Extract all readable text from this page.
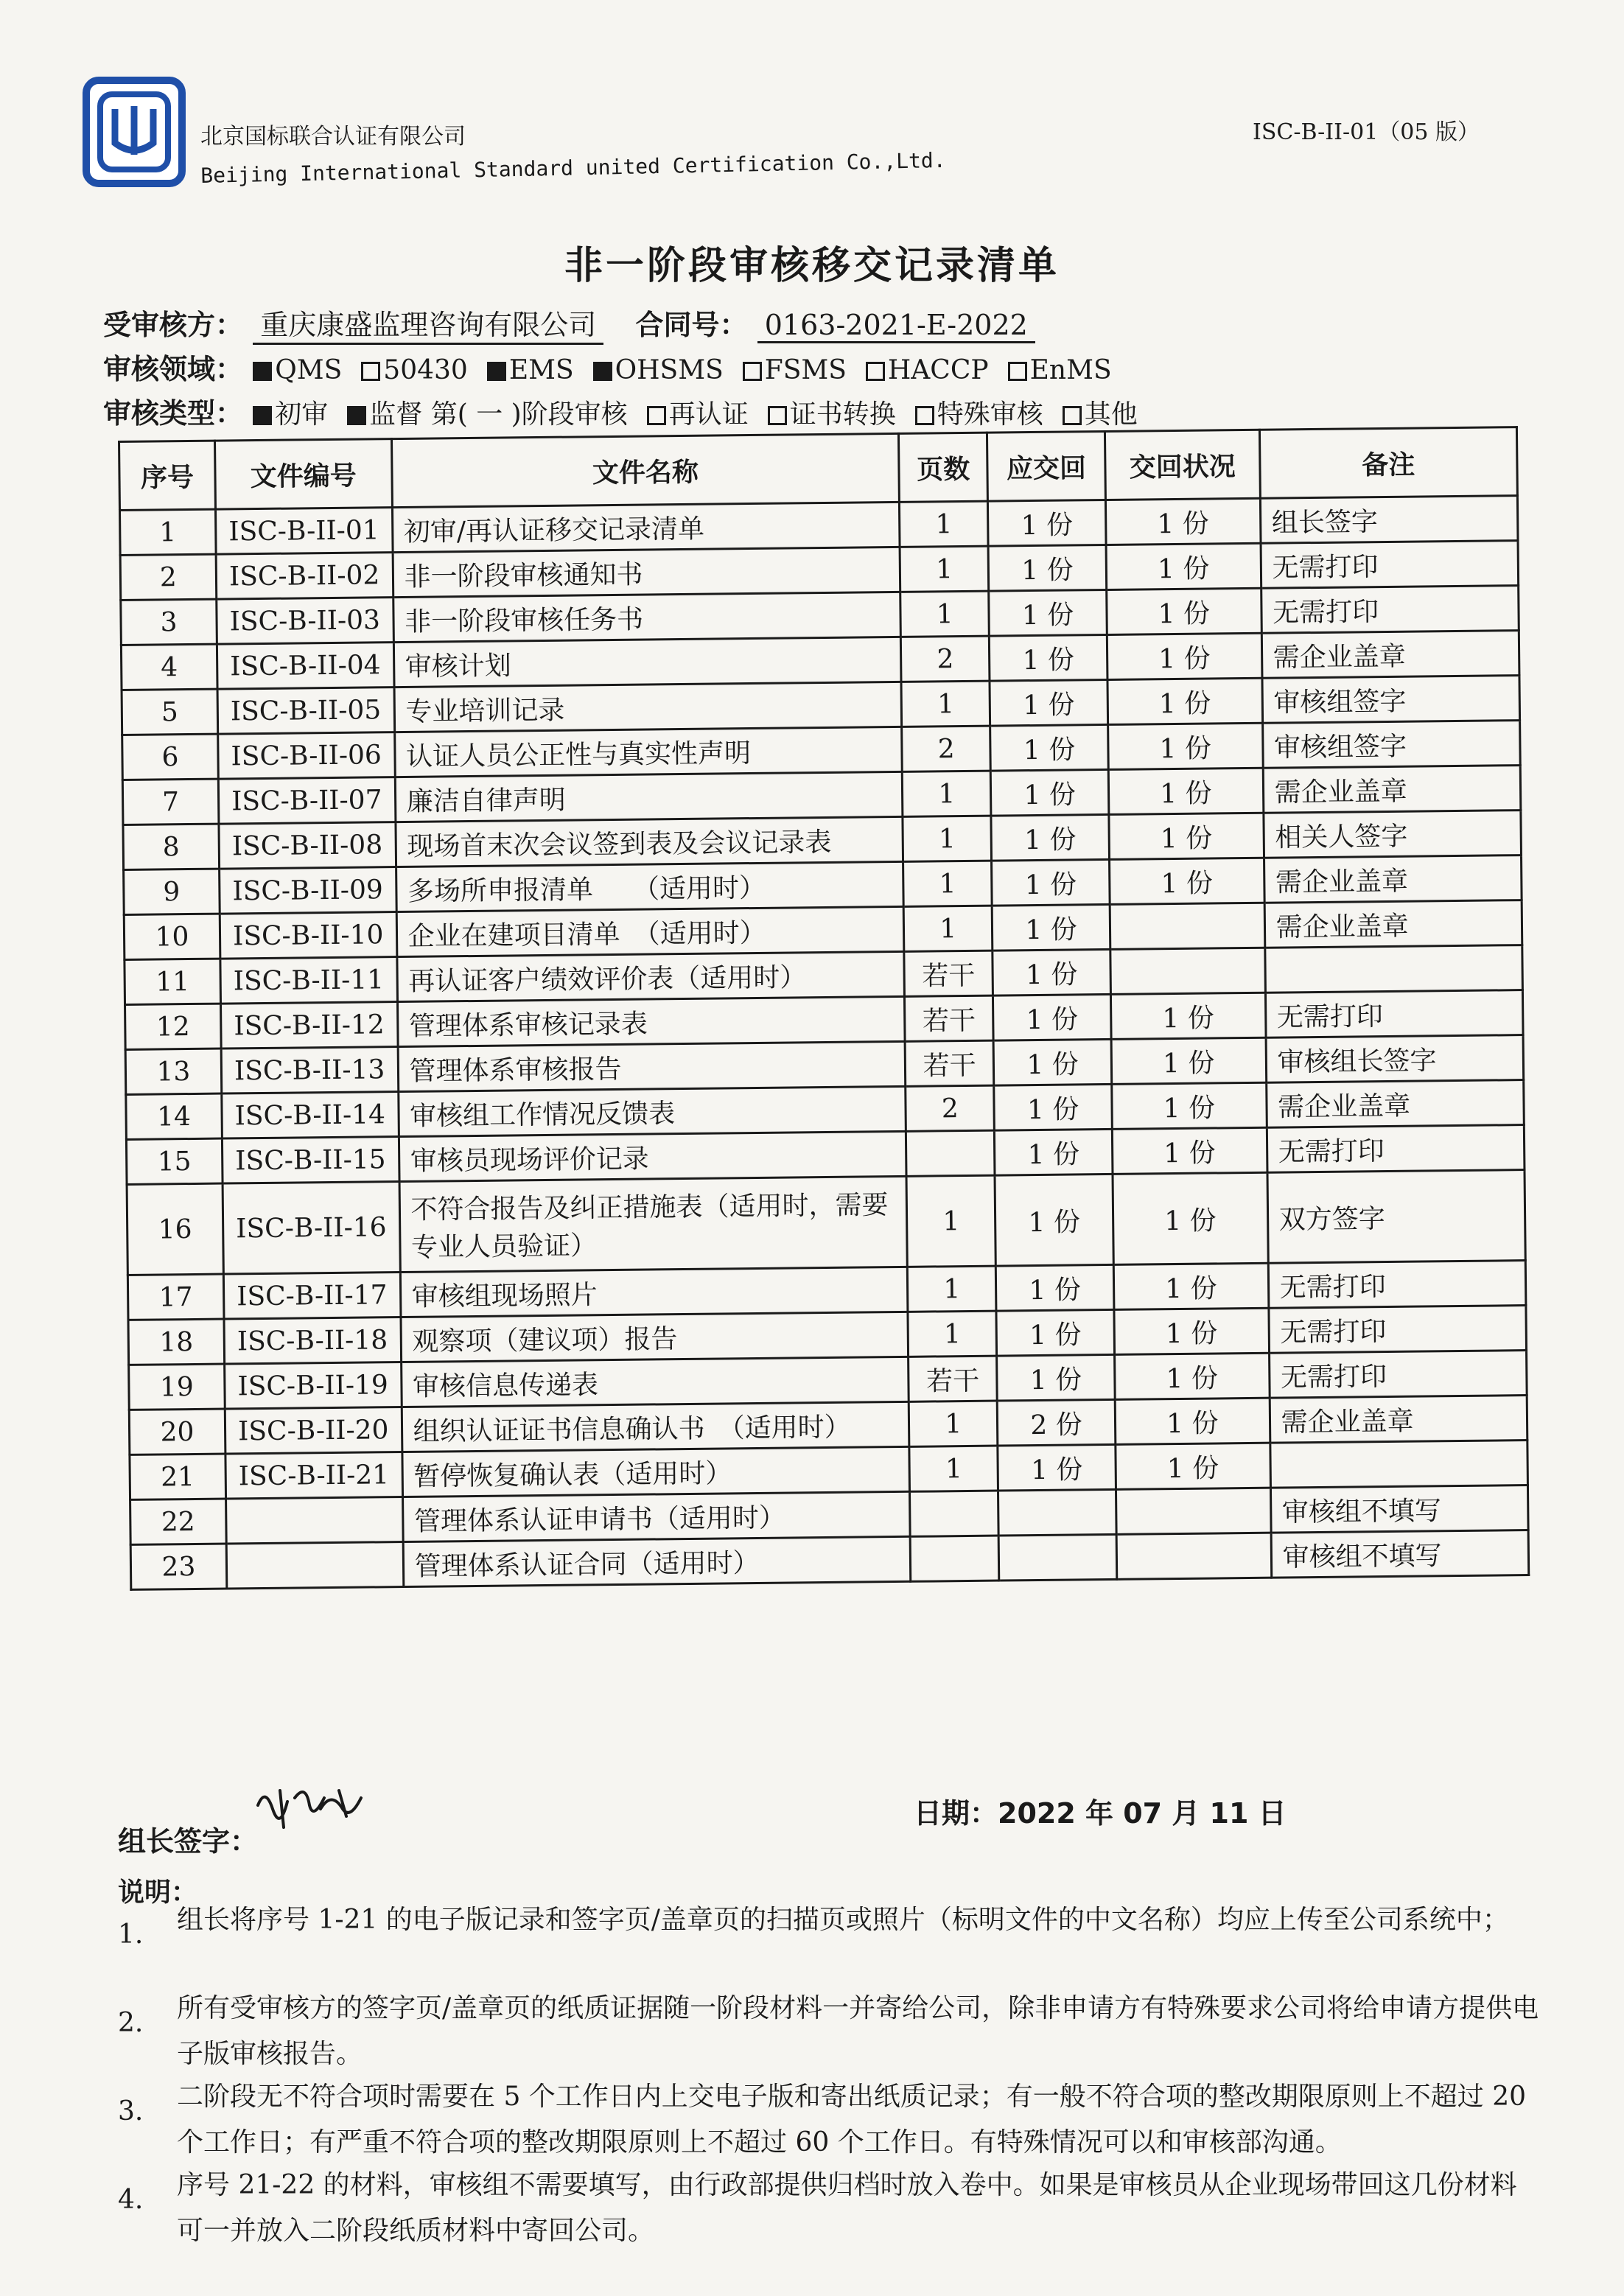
北京国标联合认证有限公司
Beijing International Standard united Certification Co.,Ltd.
ISC-B-II-01（05 版）
非一阶段审核移交记录清单
受审核方： 重庆康盛监理咨询有限公司 合同号： 0163-2021-E-2022
审核领域： QMS 50430 EMS OHSMS FSMS HACCP EnMS
审核类型： 初审 监督 第( 一 )阶段审核 再认证 证书转换 特殊审核 其他
序号	文件编号	文件名称	页数	应交回	交回状况	备注
1	ISC-B-II-01	初审/再认证移交记录清单	1	1 份	1 份	组长签字
2	ISC-B-II-02	非一阶段审核通知书	1	1 份	1 份	无需打印
3	ISC-B-II-03	非一阶段审核任务书	1	1 份	1 份	无需打印
4	ISC-B-II-04	审核计划	2	1 份	1 份	需企业盖章
5	ISC-B-II-05	专业培训记录	1	1 份	1 份	审核组签字
6	ISC-B-II-06	认证人员公正性与真实性声明	2	1 份	1 份	审核组签字
7	ISC-B-II-07	廉洁自律声明	1	1 份	1 份	需企业盖章
8	ISC-B-II-08	现场首末次会议签到表及会议记录表	1	1 份	1 份	相关人签字
9	ISC-B-II-09	多场所申报清单　　（适用时）	1	1 份	1 份	需企业盖章
10	ISC-B-II-10	企业在建项目清单　（适用时）	1	1 份		需企业盖章
11	ISC-B-II-11	再认证客户绩效评价表（适用时）	若干	1 份		
12	ISC-B-II-12	管理体系审核记录表	若干	1 份	1 份	无需打印
13	ISC-B-II-13	管理体系审核报告	若干	1 份	1 份	审核组长签字
14	ISC-B-II-14	审核组工作情况反馈表	2	1 份	1 份	需企业盖章
15	ISC-B-II-15	审核员现场评价记录		1 份	1 份	无需打印
16	ISC-B-II-16	不符合报告及纠正措施表（适用时，需要专业人员验证）	1	1 份	1 份	双方签字
17	ISC-B-II-17	审核组现场照片	1	1 份	1 份	无需打印
18	ISC-B-II-18	观察项（建议项）报告	1	1 份	1 份	无需打印
19	ISC-B-II-19	审核信息传递表	若干	1 份	1 份	无需打印
20	ISC-B-II-20	组织认证证书信息确认书　（适用时）	1	2 份	1 份	需企业盖章
21	ISC-B-II-21	暂停恢复确认表（适用时）	1	1 份	1 份	
22		管理体系认证申请书（适用时）				审核组不填写
23		管理体系认证合同（适用时）				审核组不填写
组长签字：
日期：2022 年 07 月 11 日
说明：
1. 组长将序号 1-21 的电子版记录和签字页/盖章页的扫描页或照片（标明文件的中文名称）均应上传至公司系统中；
2. 所有受审核方的签字页/盖章页的纸质证据随一阶段材料一并寄给公司，除非申请方有特殊要求公司将给申请方提供电子版审核报告。
3. 二阶段无不符合项时需要在 5 个工作日内上交电子版和寄出纸质记录；有一般不符合项的整改期限原则上不超过 20 个工作日；有严重不符合项的整改期限原则上不超过 60 个工作日。有特殊情况可以和审核部沟通。
4. 序号 21-22 的材料，审核组不需要填写，由行政部提供归档时放入卷中。如果是审核员从企业现场带回这几份材料可一并放入二阶段纸质材料中寄回公司。
